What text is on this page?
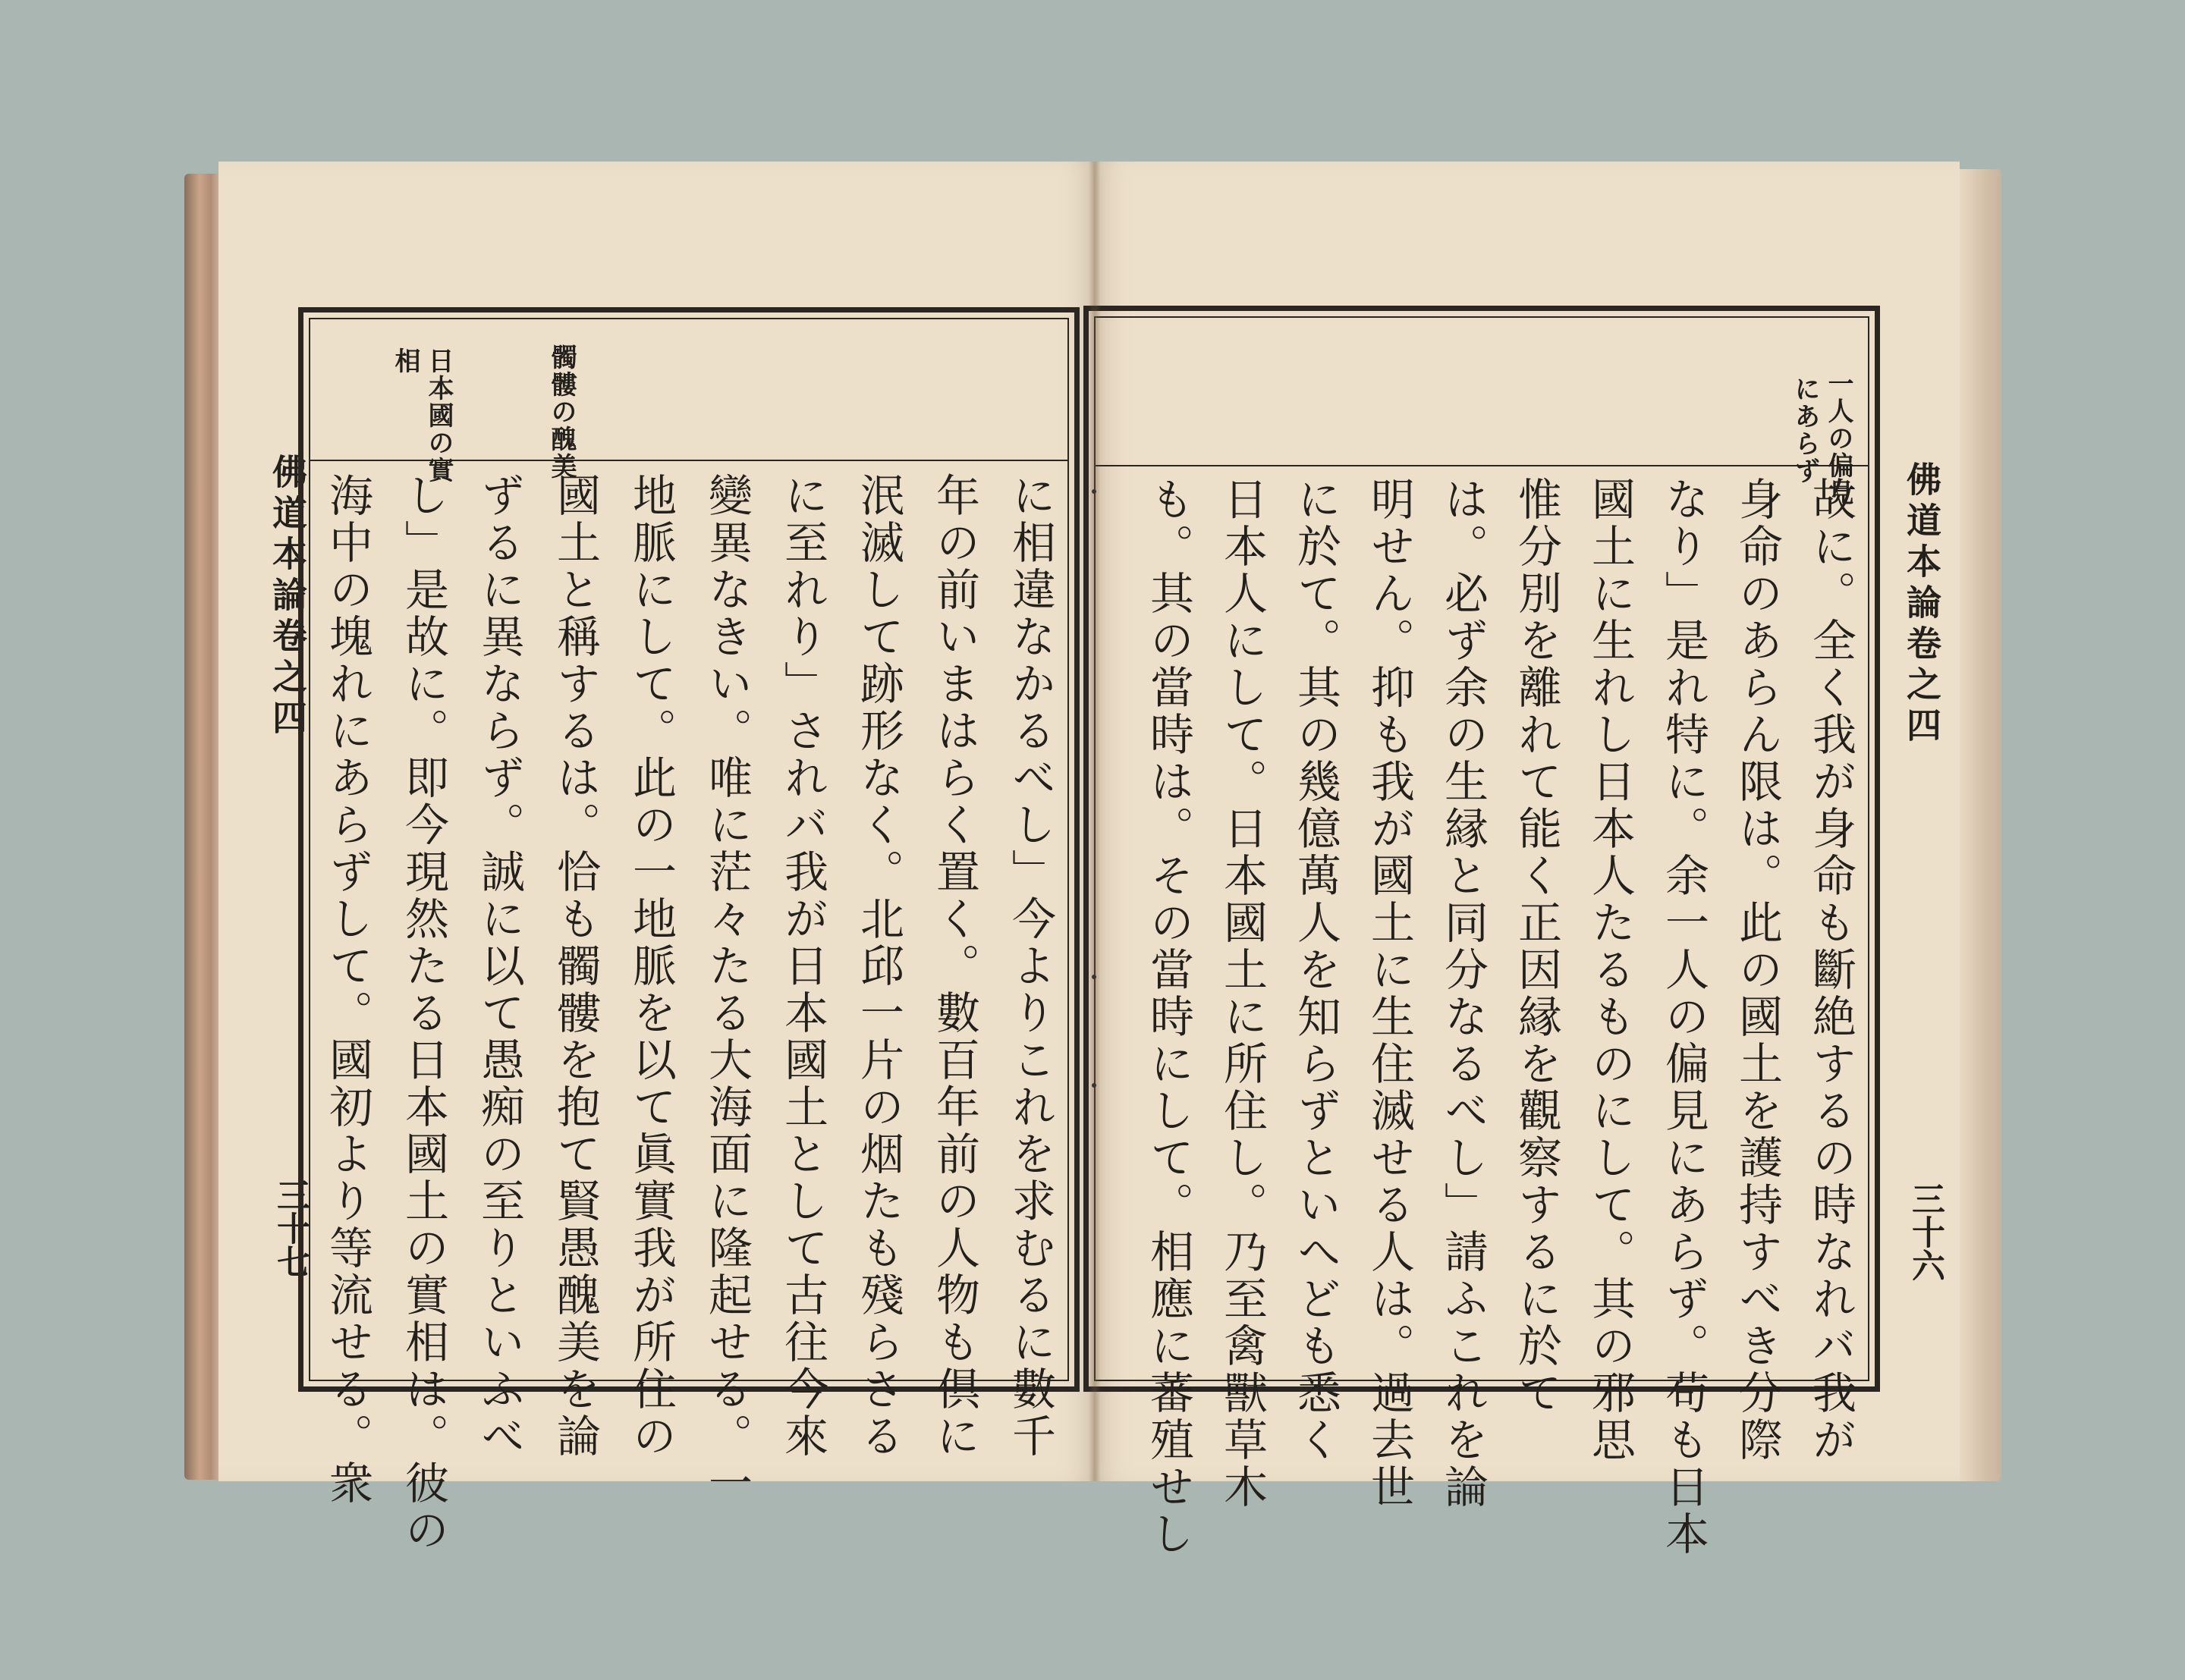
佛道本論卷之四
三十七
髑髏の醜美
日本國の實
相
に相違なかるべし」今よりこれを求むるに數千
年の前いまはらく置く。數百年前の人物も倶に
泯滅して跡形なく。北邱一片の烟たも殘らさる
に至れり」されバ我が日本國土として古往今來
變異なきい。唯に茫々たる大海面に隆起せる。一
地脈にして。此の一地脈を以て眞實我が所住の
國土と稱するは。恰も髑髏を抱て賢愚醜美を論
ずるに異ならず。誠に以て愚痴の至りといふべ
し」是故に。即今現然たる日本國土の實相は。彼の
海中の塊れにあらずして。國初より等流せる。衆
一人の偏見
にあらず
故に。全く我が身命も斷絶するの時なれバ我が
身命のあらん限は。此の國土を護持すべき分際
なり」是れ特に。余一人の偏見にあらず。苟も日本
國土に生れし日本人たるものにして。其の邪思
惟分別を離れて能く正因縁を觀察するに於て
は。必ず余の生縁と同分なるべし」請ふこれを論
明せん。抑も我が國土に生住滅せる人は。過去世
に於て。其の幾億萬人を知らずといへども悉く
日本人にして。日本國土に所住し。乃至禽獸草木
も。其の當時は。その當時にして。相應に蕃殖せし	佛道本論卷之四
三十六
